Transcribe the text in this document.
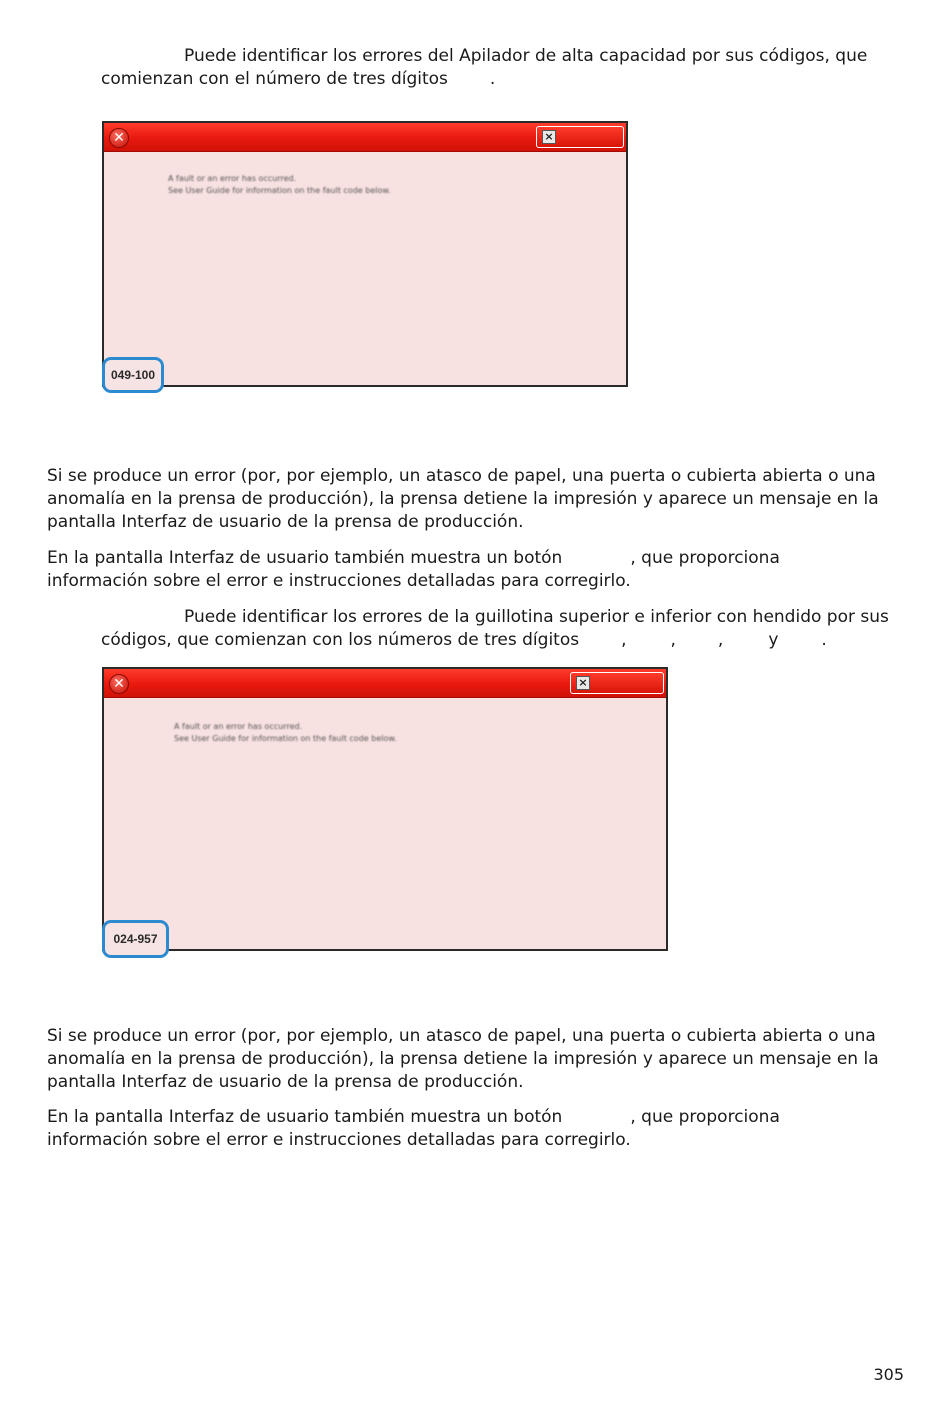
Puede identificar los errores del Apilador de alta capacidad por sus códigos, que
comienzan con el número de tres dígitos .
✕	×
A fault or an error has occurred.
See User Guide for information on the fault code below.
049-100
Si se produce un error (por, por ejemplo, un atasco de papel, una puerta o cubierta abierta o una
anomalía en la prensa de producción), la prensa detiene la impresión y aparece un mensaje en la
pantalla Interfaz de usuario de la prensa de producción.
En la pantalla Interfaz de usuario también muestra un botón	, que proporciona
información sobre el error e instrucciones detalladas para corregirlo.
Puede identificar los errores de la guillotina superior e inferior con hendido por sus
códigos, que comienzan con los números de tres dígitos ,	, ,	y	.
✕	×
A fault or an error has occurred.
See User Guide for information on the fault code below.
024-957
Si se produce un error (por, por ejemplo, un atasco de papel, una puerta o cubierta abierta o una
anomalía en la prensa de producción), la prensa detiene la impresión y aparece un mensaje en la
pantalla Interfaz de usuario de la prensa de producción.
En la pantalla Interfaz de usuario también muestra un botón	, que proporciona
información sobre el error e instrucciones detalladas para corregirlo.
305
